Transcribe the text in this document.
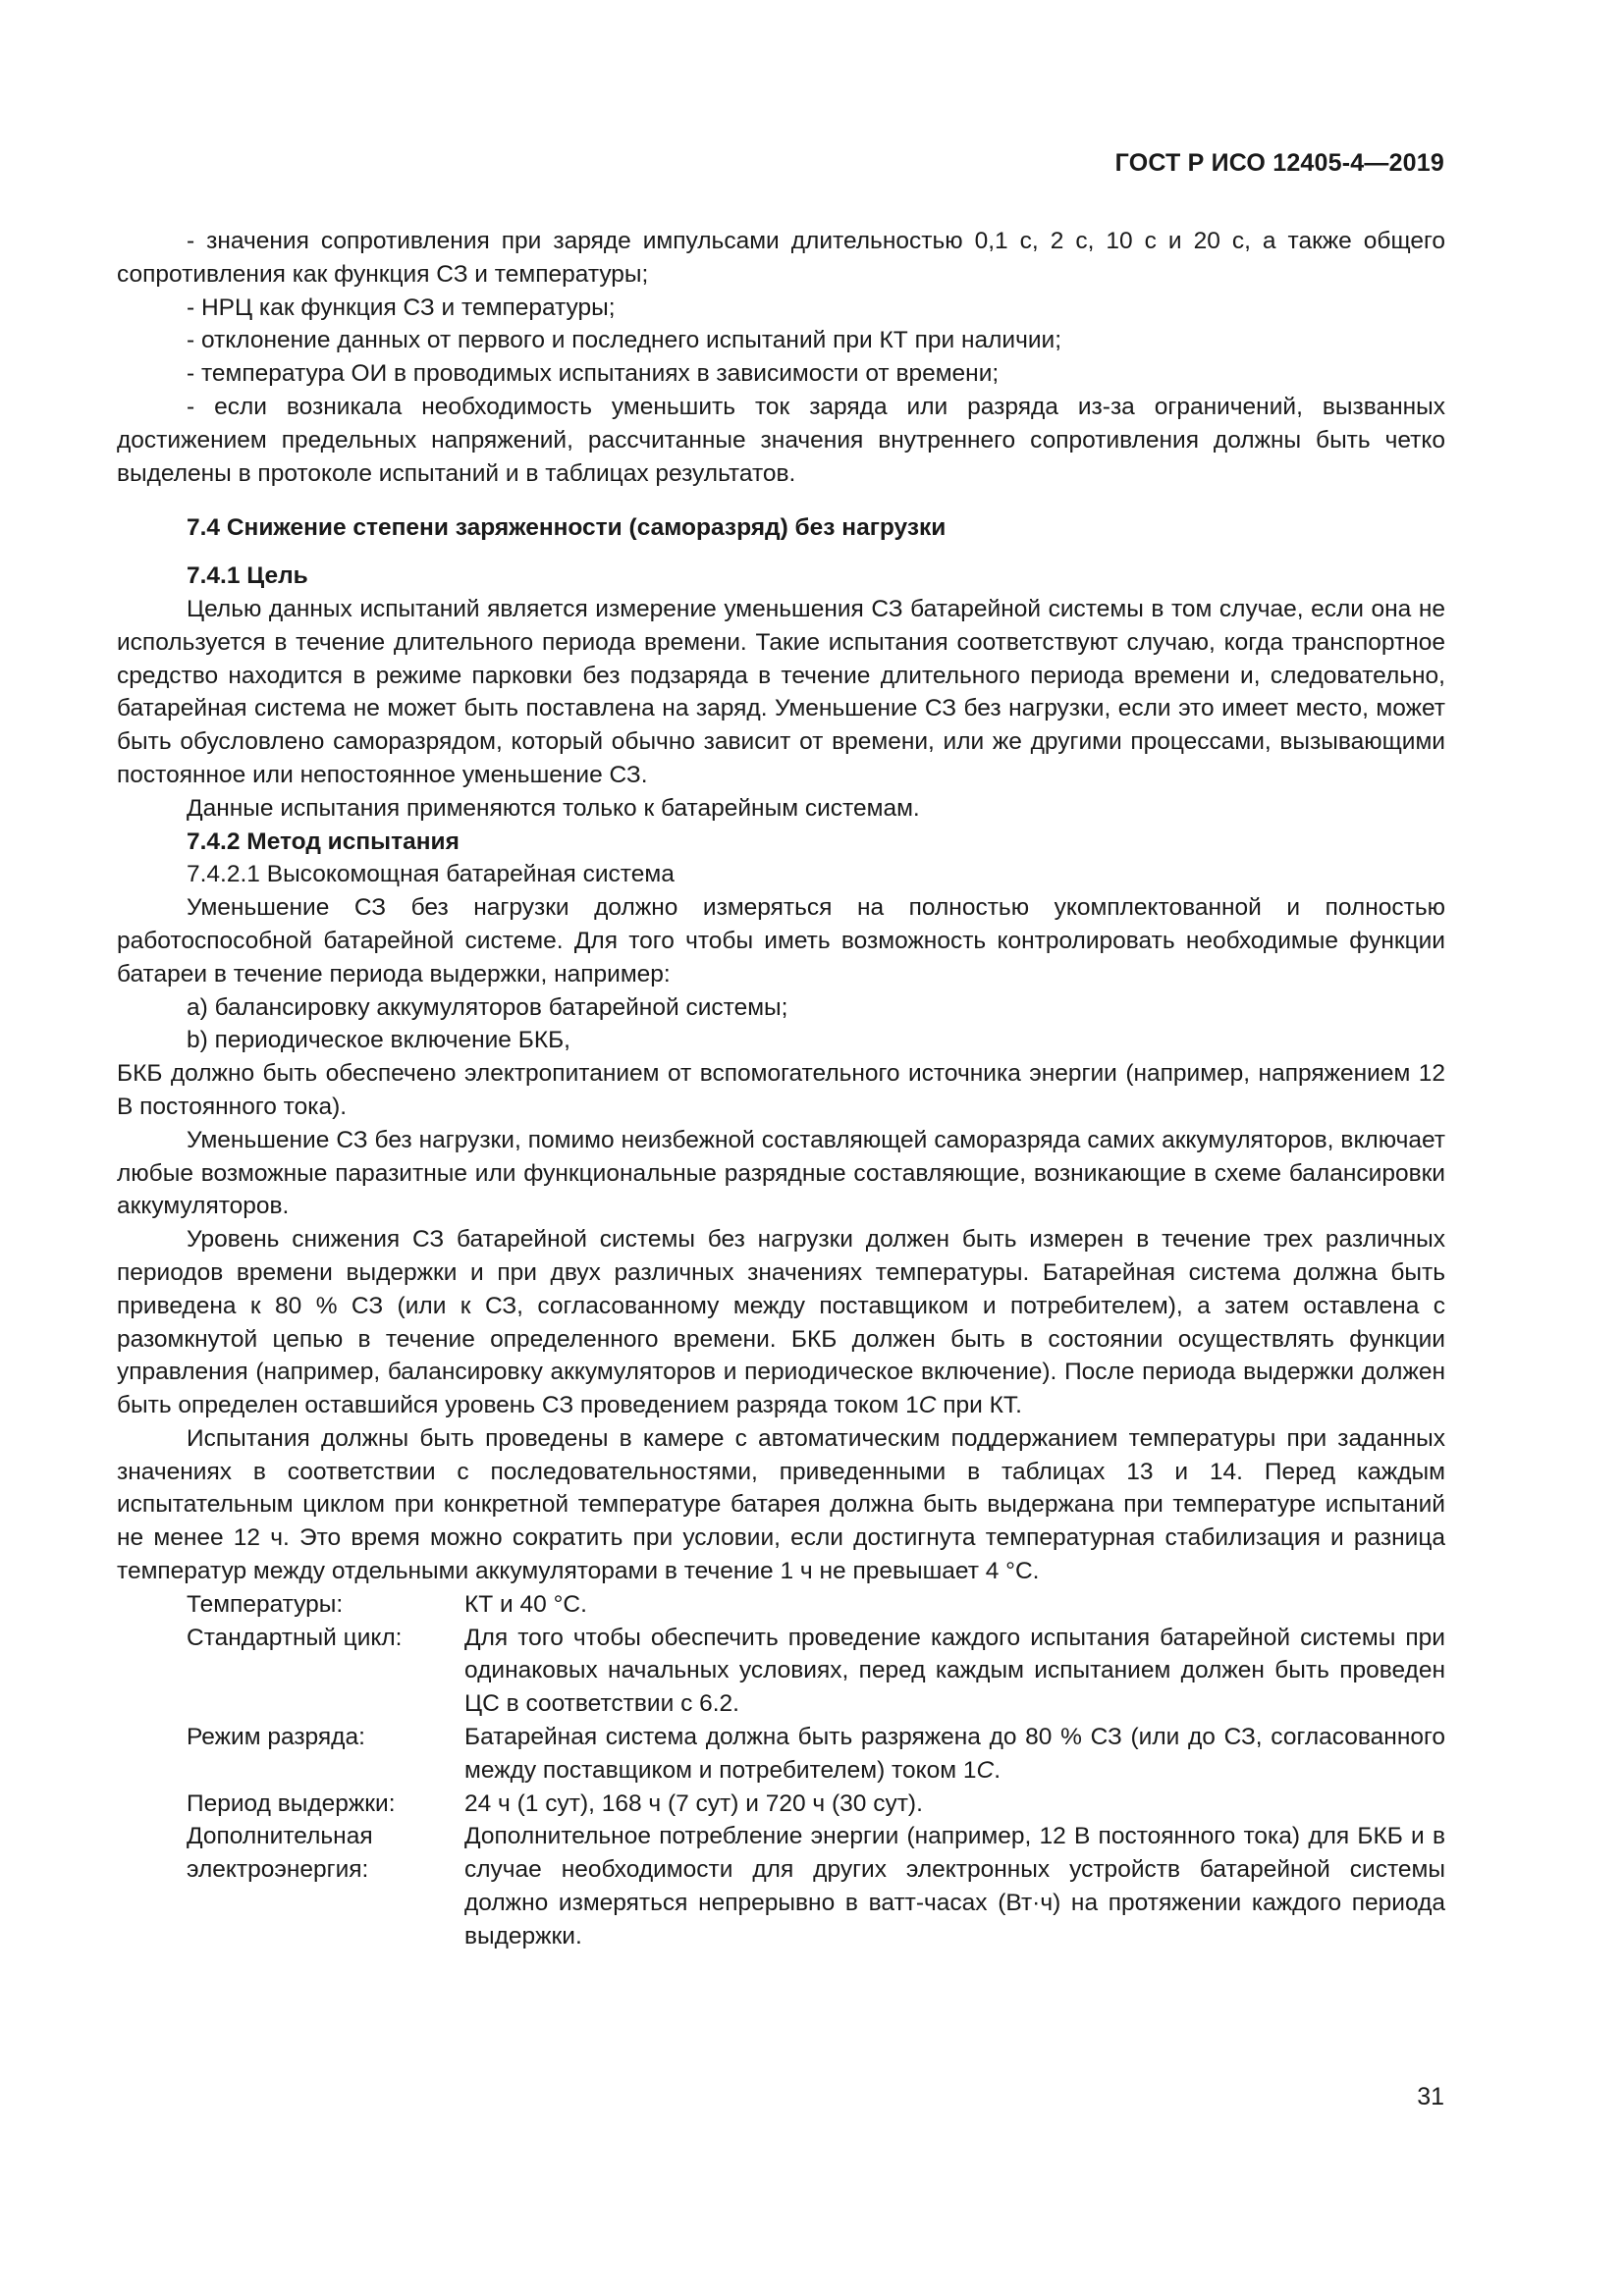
ГОСТ Р ИСО 12405-4—2019

- значения сопротивления при заряде импульсами длительностью 0,1 с, 2 с, 10 с и 20 с, а также общего сопротивления как функция СЗ и температуры;

- НРЦ как функция СЗ и температуры;

- отклонение данных от первого и последнего испытаний при КТ при наличии;

- температура ОИ в проводимых испытаниях в зависимости от времени;

- если возникала необходимость уменьшить ток заряда или разряда из-за ограничений, вызванных достижением предельных напряжений, рассчитанные значения внутреннего сопротивления должны быть четко выделены в протоколе испытаний и в таблицах результатов.

7.4 Снижение степени заряженности (саморазряд) без нагрузки

7.4.1 Цель

Целью данных испытаний является измерение уменьшения СЗ батарейной системы в том случае, если она не используется в течение длительного периода времени. Такие испытания соответствуют случаю, когда транспортное средство находится в режиме парковки без подзаряда в течение длительного периода времени и, следовательно, батарейная система не может быть поставлена на заряд. Уменьшение СЗ без нагрузки, если это имеет место, может быть обусловлено саморазрядом, который обычно зависит от времени, или же другими процессами, вызывающими постоянное или непостоянное уменьшение СЗ.

Данные испытания применяются только к батарейным системам.

7.4.2 Метод испытания

7.4.2.1 Высокомощная батарейная система

Уменьшение СЗ без нагрузки должно измеряться на полностью укомплектованной и полностью работоспособной батарейной системе. Для того чтобы иметь возможность контролировать необходимые функции батареи в течение периода выдержки, например:

a) балансировку аккумуляторов батарейной системы;

b) периодическое включение БКБ,

БКБ должно быть обеспечено электропитанием от вспомогательного источника энергии (например, напряжением 12 В постоянного тока).

Уменьшение СЗ без нагрузки, помимо неизбежной составляющей саморазряда самих аккумуляторов, включает любые возможные паразитные или функциональные разрядные составляющие, возникающие в схеме балансировки аккумуляторов.

Уровень снижения СЗ батарейной системы без нагрузки должен быть измерен в течение трех различных периодов времени выдержки и при двух различных значениях температуры. Батарейная система должна быть приведена к 80 % СЗ (или к СЗ, согласованному между поставщиком и потребителем), а затем оставлена с разомкнутой цепью в течение определенного времени. БКБ должен быть в состоянии осуществлять функции управления (например, балансировку аккумуляторов и периодическое включение). После периода выдержки должен быть определен оставшийся уровень СЗ проведением разряда током 1C при КТ.

Испытания должны быть проведены в камере с автоматическим поддержанием температуры при заданных значениях в соответствии с последовательностями, приведенными в таблицах 13 и 14. Перед каждым испытательным циклом при конкретной температуре батарея должна быть выдержана при температуре испытаний не менее 12 ч. Это время можно сократить при условии, если достигнута температурная стабилизация и разница температур между отдельными аккумуляторами в течение 1 ч не превышает 4 °C.

Температуры:	КТ и 40 °C.
Стандартный цикл:	Для того чтобы обеспечить проведение каждого испытания батарейной системы при одинаковых начальных условиях, перед каждым испытанием должен быть проведен ЦС в соответствии с 6.2.
Режим разряда:	Батарейная система должна быть разряжена до 80 % СЗ (или до СЗ, согласованного между поставщиком и потребителем) током 1C.
Период выдержки:	24 ч (1 сут), 168 ч (7 сут) и 720 ч (30 сут).
Дополнительная
электроэнергия:	Дополнительное потребление энергии (например, 12 В постоянного тока) для БКБ и в случае необходимости для других электронных устройств батарейной системы должно измеряться непрерывно в ватт-часах (Вт·ч) на протяжении каждого периода выдержки.
31
